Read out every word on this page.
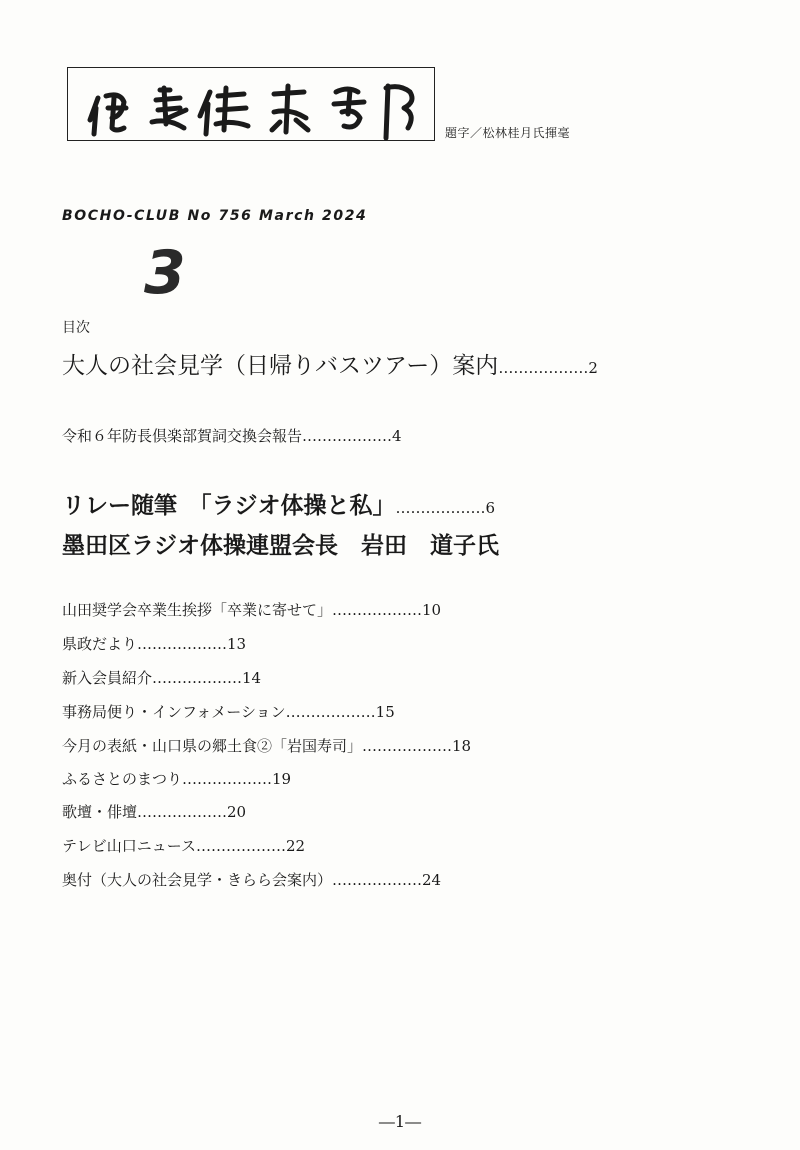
題字／松林桂月氏揮毫
BOCHO-CLUB No 756 March 2024
3
目次
大人の社会見学（日帰りバスツアー）案内………………2
令和６年防長倶楽部賀詞交換会報告………………4
リレー随筆　「ラジオ体操と私」………………6
墨田区ラジオ体操連盟会長　岩田　道子氏
山田奨学会卒業生挨拶「卒業に寄せて」………………10
県政だより………………13
新入会員紹介………………14
事務局便り・インフォメーション………………15
今月の表紙・山口県の郷土食②「岩国寿司」………………18
ふるさとのまつり………………19
歌壇・俳壇………………20
テレビ山口ニュース………………22
奥付（大人の社会見学・きらら会案内）………………24
―1―
